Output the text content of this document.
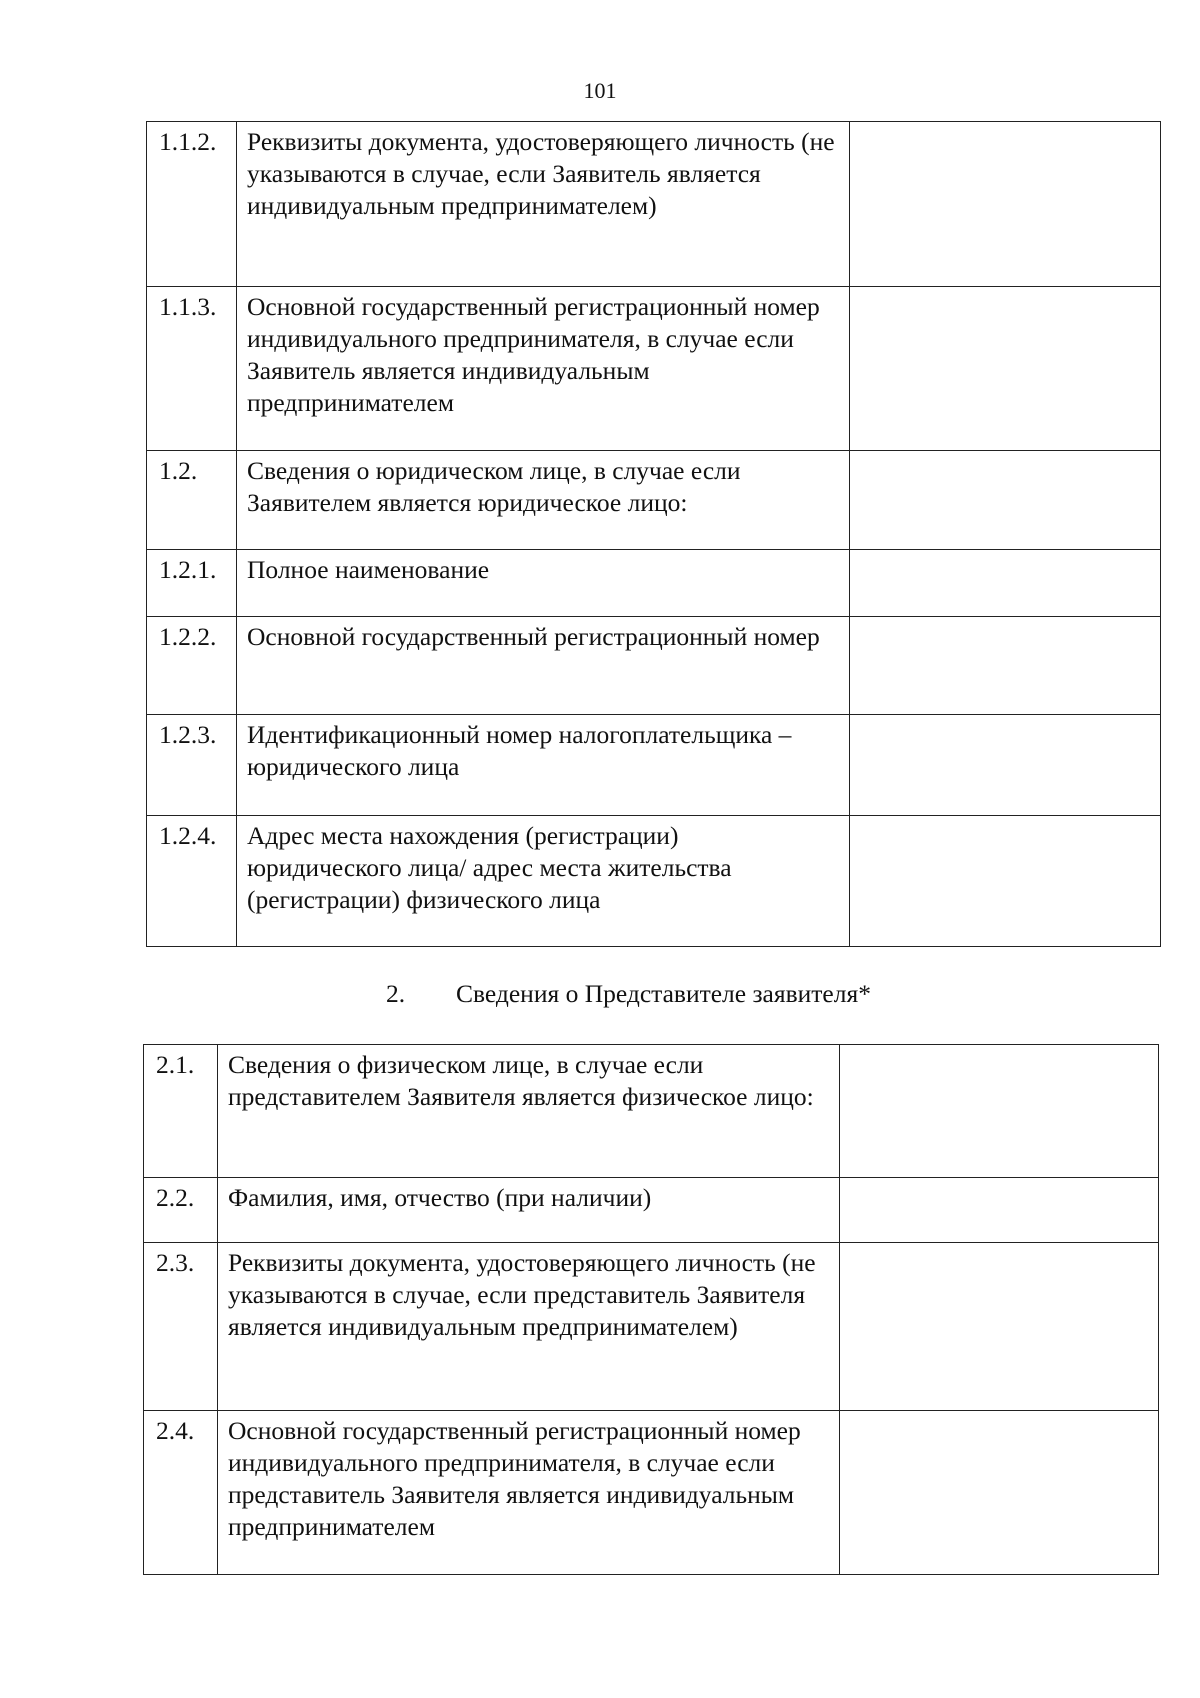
101
1.1.2.	Реквизиты документа, удостоверяющего личность (не указываются в случае, если Заявитель является индивидуальным предпринимателем)	
1.1.3.	Основной государственный регистрационный номер индивидуального предпринимателя, в случае если Заявитель является индивидуальным предпринимателем	
1.2.	Сведения о юридическом лице, в случае если Заявителем является юридическое лицо:	
1.2.1.	Полное наименование	
1.2.2.	Основной государственный регистрационный номер	
1.2.3.	Идентификационный номер налогоплательщика – юридического лица	
1.2.4.	Адрес места нахождения (регистрации) юридического лица/ адрес места жительства (регистрации) физического лица	
2. Сведения о Представителе заявителя*
2.1.	Сведения о физическом лице, в случае если представителем Заявителя является физическое лицо:	
2.2.	Фамилия, имя, отчество (при наличии)	
2.3.	Реквизиты документа, удостоверяющего личность (не указываются в случае, если представитель Заявителя является индивидуальным предпринимателем)	
2.4.	Основной государственный регистрационный номер индивидуального предпринимателя, в случае если представитель Заявителя является индивидуальным предпринимателем	
